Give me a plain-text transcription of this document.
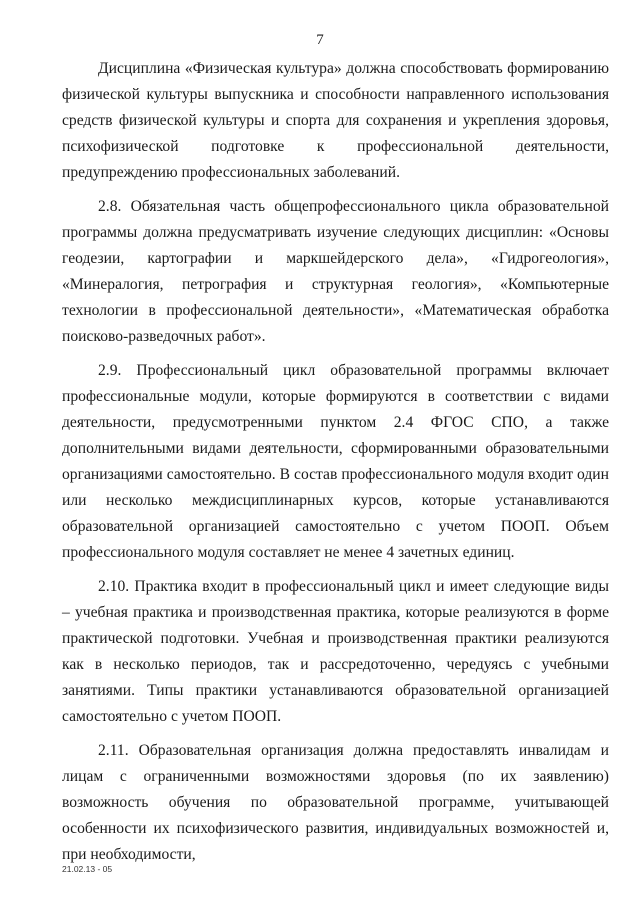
7

Дисциплина «Физическая культура» должна способствовать формированию физической культуры выпускника и способности направленного использования средств физической культуры и спорта для сохранения и укрепления здоровья, психофизической подготовке к профессиональной деятельности, предупреждению профессиональных заболеваний.

2.8. Обязательная часть общепрофессионального цикла образовательной программы должна предусматривать изучение следующих дисциплин: «Основы геодезии, картографии и маркшейдерского дела», «Гидрогеология», «Минералогия, петрография и структурная геология», «Компьютерные технологии в профессиональной деятельности», «Математическая обработка поисково-разведочных работ».

2.9. Профессиональный цикл образовательной программы включает профессиональные модули, которые формируются в соответствии с видами деятельности, предусмотренными пунктом 2.4 ФГОС СПО, а также дополнительными видами деятельности, сформированными образовательными организациями самостоятельно. В состав профессионального модуля входит один или несколько междисциплинарных курсов, которые устанавливаются образовательной организацией самостоятельно с учетом ПООП. Объем профессионального модуля составляет не менее 4 зачетных единиц.

2.10. Практика входит в профессиональный цикл и имеет следующие виды – учебная практика и производственная практика, которые реализуются в форме практической подготовки. Учебная и производственная практики реализуются как в несколько периодов, так и рассредоточенно, чередуясь с учебными занятиями. Типы практики устанавливаются образовательной организацией самостоятельно с учетом ПООП.

2.11. Образовательная организация должна предоставлять инвалидам и лицам с ограниченными возможностями здоровья (по их заявлению) возможность обучения по образовательной программе, учитывающей особенности их психофизического развития, индивидуальных возможностей и, при необходимости,

21.02.13 - 05
